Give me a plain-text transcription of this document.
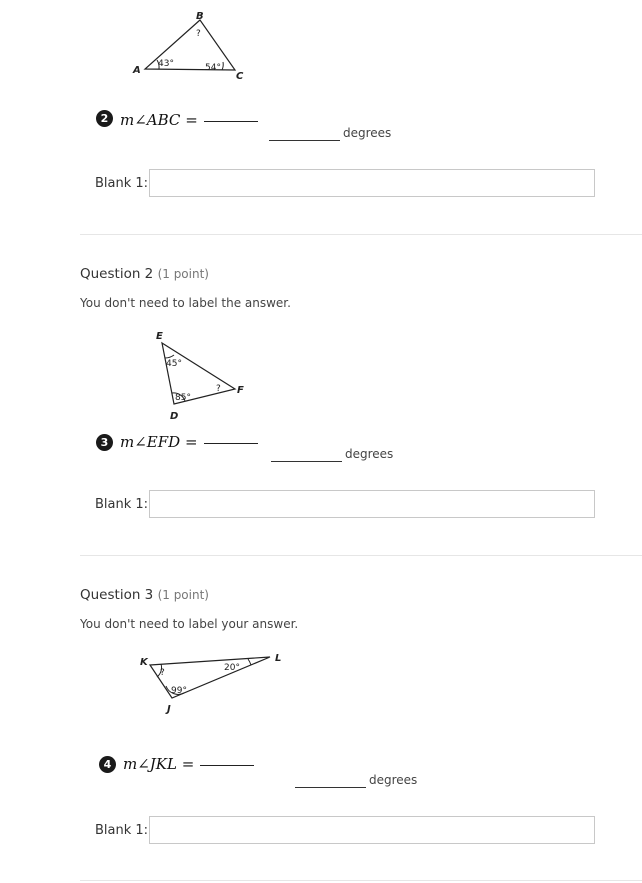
B
A
C
?
43°	54°
2 m∠ABC =
degrees
Blank 1:
Question 2 (1 point)
You don't need to label the answer.
E
F
D
45°
85°
?
3 m∠EFD =
degrees
Blank 1:
Question 3 (1 point)
You don't need to label your answer.
K	L
J
?	20°
99°
4 m∠JKL =
degrees
Blank 1:
